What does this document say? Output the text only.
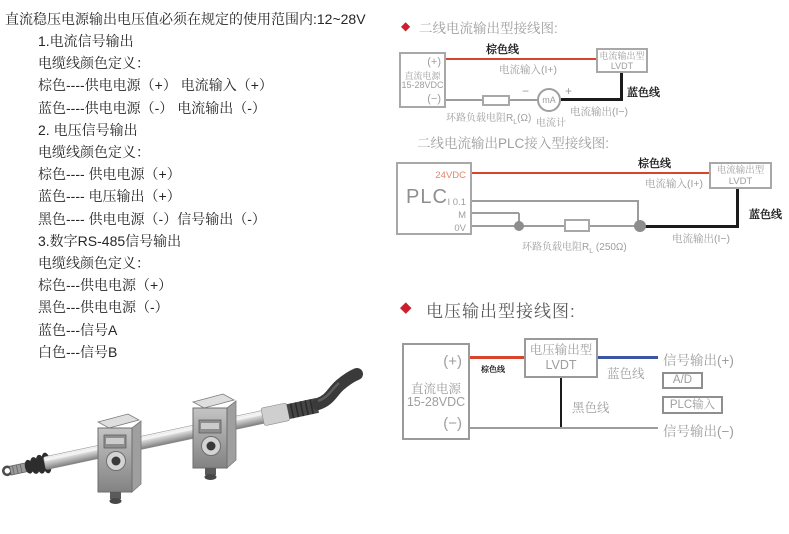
直流稳压电源输出电压值必须在规定的使用范围内:12~28V
1.电流信号输出
电缆线颜色定义：
棕色----供电电源（+） 电流输入（+）
蓝色----供电电源（-） 电流输出（-）
2. 电压信号输出
电缆线颜色定义：
棕色---- 供电电源（+）
蓝色---- 电压输出（+）
黑色---- 供电电源（-）信号输出（-）
3.数字RS-485信号输出
电缆线颜色定义：
棕色---供电电源（+）
黑色---供电电源（-）
蓝色---信号A
白色---信号B
◆ 二线电流输出型接线图:
(+)
直流电源
15-28VDC
(−)
棕色线
电流输入(I+)
电流输出型
LVDT
蓝色线
mA
−	+
环路负载电阻$R_L(\Omega)$ 电流计
电流输出(I−)
二线电流输出PLC接入型接线图:
PLC
24VDC
I 0.1
M
0V
棕色线
电流输入(I+)
电流输出型
LVDT
蓝色线
电流输出(I−)
环路负载电阻$R_L$ (250Ω)
◆ 电压输出型接线图:
(+)
直流电源
15-28VDC
(−)
棕色线
电压输出型
LVDT
蓝色线
信号输出(+)
黑色线
信号输出(−)
A/D
PLC输入
